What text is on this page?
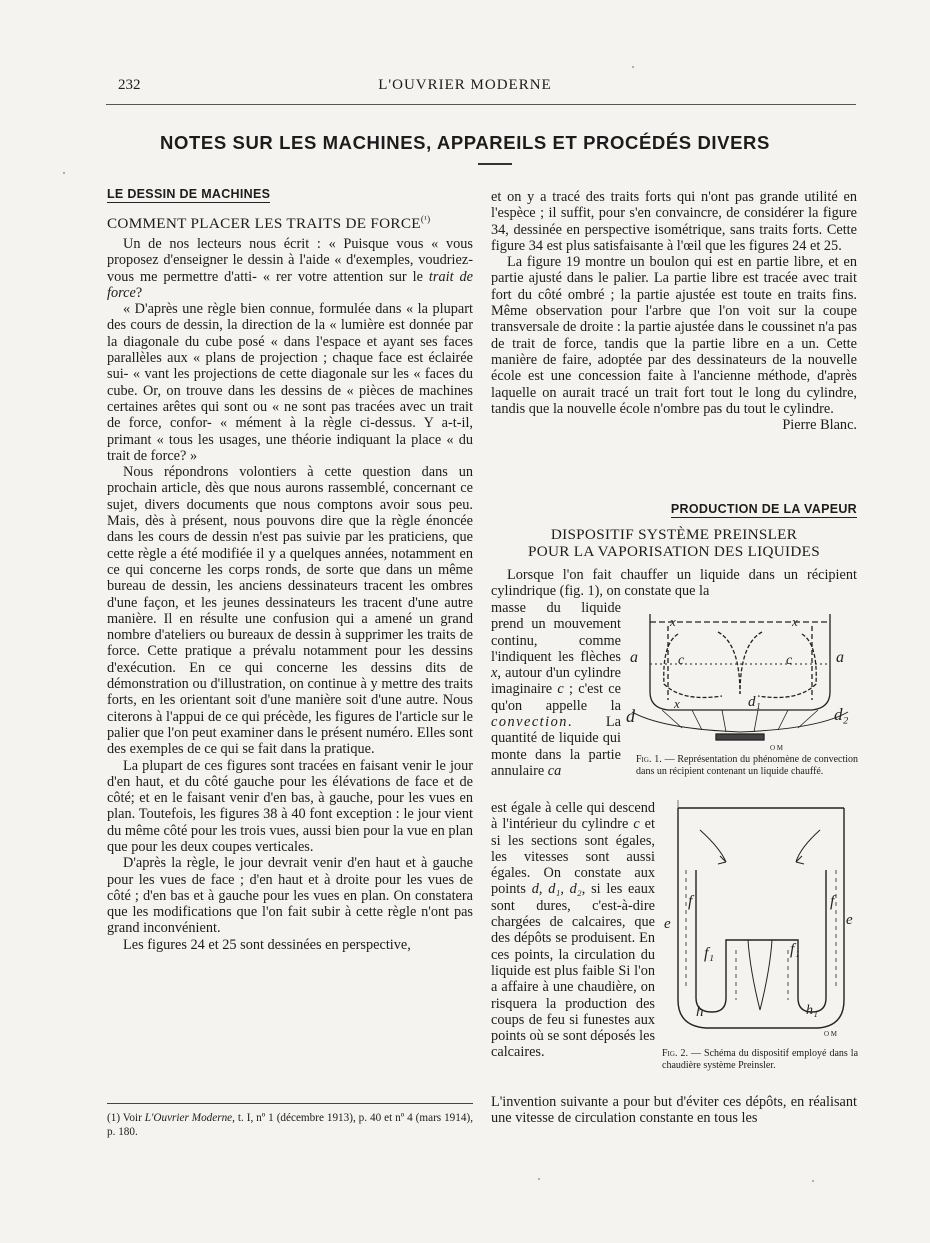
232	L'OUVRIER MODERNE
NOTES SUR LES MACHINES, APPAREILS ET PROCÉDÉS DIVERS
LE DESSIN DE MACHINES
COMMENT PLACER LES TRAITS DE $FORCE^{(^1)}$

Un de nos lecteurs nous écrit : « Puisque vous « vous proposez d'enseigner le dessin à l'aide « d'exemples, voudriez-vous me permettre d'atti- « rer votre attention sur le trait de force?

« D'après une règle bien connue, formulée dans « la plupart des cours de dessin, la direction de la « lumière est donnée par la diagonale du cube posé « dans l'espace et ayant ses faces parallèles aux « plans de projection ; chaque face est éclairée sui- « vant les projections de cette diagonale sur les « faces du cube. Or, on trouve dans les dessins de « pièces de machines certaines arêtes qui sont ou « ne sont pas tracées avec un trait de force, confor- « mément à la règle ci-dessus. Y a-t-il, primant « tous les usages, une théorie indiquant la place « du trait de force? »

Nous répondrons volontiers à cette question dans un prochain article, dès que nous aurons rassemblé, concernant ce sujet, divers documents que nous comptons avoir sous peu. Mais, dès à présent, nous pouvons dire que la règle énoncée dans les cours de dessin n'est pas suivie par les praticiens, que cette règle a été modifiée il y a quelques années, notamment en ce qui concerne les corps ronds, de sorte que dans un même bureau de dessin, les anciens dessinateurs tracent les ombres d'une façon, et les jeunes dessinateurs les tracent d'une autre manière. Il en résulte une confusion qui a amené un grand nombre d'ateliers ou bureaux de dessin à supprimer les traits de force. Cette pratique a prévalu notamment pour les dessins d'exécution. En ce qui concerne les dessins dits de démonstration ou d'illustration, on continue à y mettre des traits forts, en les orientant soit d'une manière soit d'une autre. Nous citerons à l'appui de ce qui précède, les figures de l'article sur le palier que l'on peut examiner dans le présent numéro. Elles sont des exemples de ce qui se fait dans la pratique.

La plupart de ces figures sont tracées en faisant venir le jour d'en haut, et du côté gauche pour les élévations de face et de côté; et en le faisant venir d'en bas, à gauche, pour les vues en plan. Toutefois, les figures 38 à 40 font exception : le jour vient du même côté pour les trois vues, aussi bien pour la vue en plan que pour les deux coupes verticales.

D'après la règle, le jour devrait venir d'en haut et à gauche pour les vues de face ; d'en haut et à droite pour les vues de côté ; d'en bas et à gauche pour les vues en plan. On constatera que les modifications que l'on fait subir à cette règle n'ont pas grand inconvénient.

Les figures 24 et 25 sont dessinées en perspective,

(1) Voir L'Ouvrier Moderne, t. I, nº 1 (décembre 1913), p. 40 et nº 4 (mars 1914), p. 180.

et on y a tracé des traits forts qui n'ont pas grande utilité en l'espèce ; il suffit, pour s'en convaincre, de considérer la figure 34, dessinée en perspective isométrique, sans traits forts. Cette figure 34 est plus satisfaisante à l'œil que les figures 24 et 25.

La figure 19 montre un boulon qui est en partie libre, et en partie ajusté dans le palier. La partie libre est tracée avec trait fort du côté ombré ; la partie ajustée est toute en traits fins. Même observation pour l'arbre que l'on voit sur la coupe transversale de droite : la partie ajustée dans le coussinet n'a pas de trait de force, tandis que la partie libre en a un. Cette manière de faire, adoptée par des dessinateurs de la nouvelle école est une concession faite à l'ancienne méthode, d'après laquelle on aurait tracé un trait fort tout le long du cylindre, tandis que la nouvelle école n'ombre pas du tout le cylindre.
Pierre Blanc.

PRODUCTION DE LA VAPEUR
DISPOSITIF SYSTÈME PREINSLER
POUR LA VAPORISATION DES LIQUIDES

Lorsque l'on fait chauffer un liquide dans un récipient cylindrique (fig. 1), on constate que la

masse du liquide prend un mouvement continu, comme l'indiquent les flèches x, autour d'un cylindre imaginaire c ; c'est ce qu'on appelle la convection. La quantité de liquide qui monte dans la partie annulaire ca
x	x
x
a	a
c	c
d
d₁
d₂
O M
Fig. 1. — Représentation du phénomène de convection dans un récipient contenant un liquide chauffé.
est égale à celle qui descend à l'intérieur du cylindre c et si les sections sont égales, les vitesses sont aussi égales. On constate aux points d, d₁, d₂, si les eaux sont dures, c'est-à-dire chargées de calcaires, que des dépôts se produisent. En ces points, la circulation du liquide est plus faible Si l'on a affaire à une chaudière, on risquera la production des coups de feu si funestes aux points où se sont déposés les calcaires.
e	e
f	f
f₁	f₁
h	h₁
O M
Fig. 2. — Schéma du dispositif employé dans la chaudière système Preinsler.

L'invention suivante a pour but d'éviter ces dépôts, en réalisant une vitesse de circulation constante en tous les
